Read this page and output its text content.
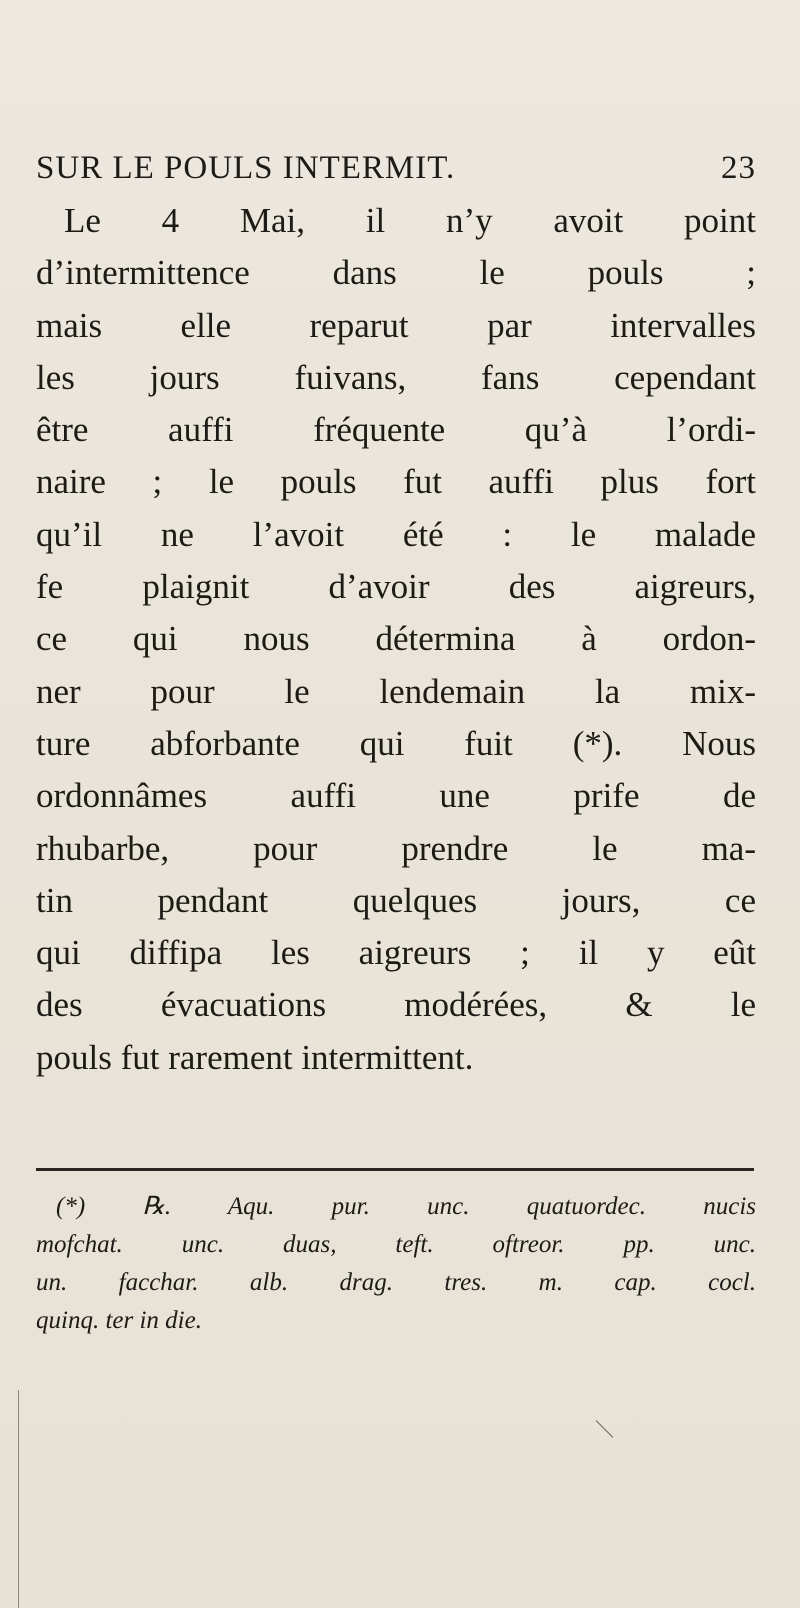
SUR LE POULS INTERMIT.	23
Le 4 Mai, il n’y avoit point
d’intermittence dans le pouls ;
mais elle reparut par intervalles
les jours fuivans, fans cependant
être auffi fréquente qu’à l’ordi-
naire ; le pouls fut auffi plus fort
qu’il ne l’avoit été : le malade
fe plaignit d’avoir des aigreurs,
ce qui nous détermina à ordon-
ner pour le lendemain la mix-
ture abforbante qui fuit (*). Nous
ordonnâmes auffi une prife de
rhubarbe, pour prendre le ma-
tin pendant quelques jours, ce
qui diffipa les aigreurs ; il y eût
des évacuations modérées, & le
pouls fut rarement intermittent.
(*) ℞. Aqu. pur. unc. quatuordec. nucis
mofchat. unc. duas, teft. oftreor. pp. unc.
un. facchar. alb. drag. tres. m. cap. cocl.
quinq. ter in die.
